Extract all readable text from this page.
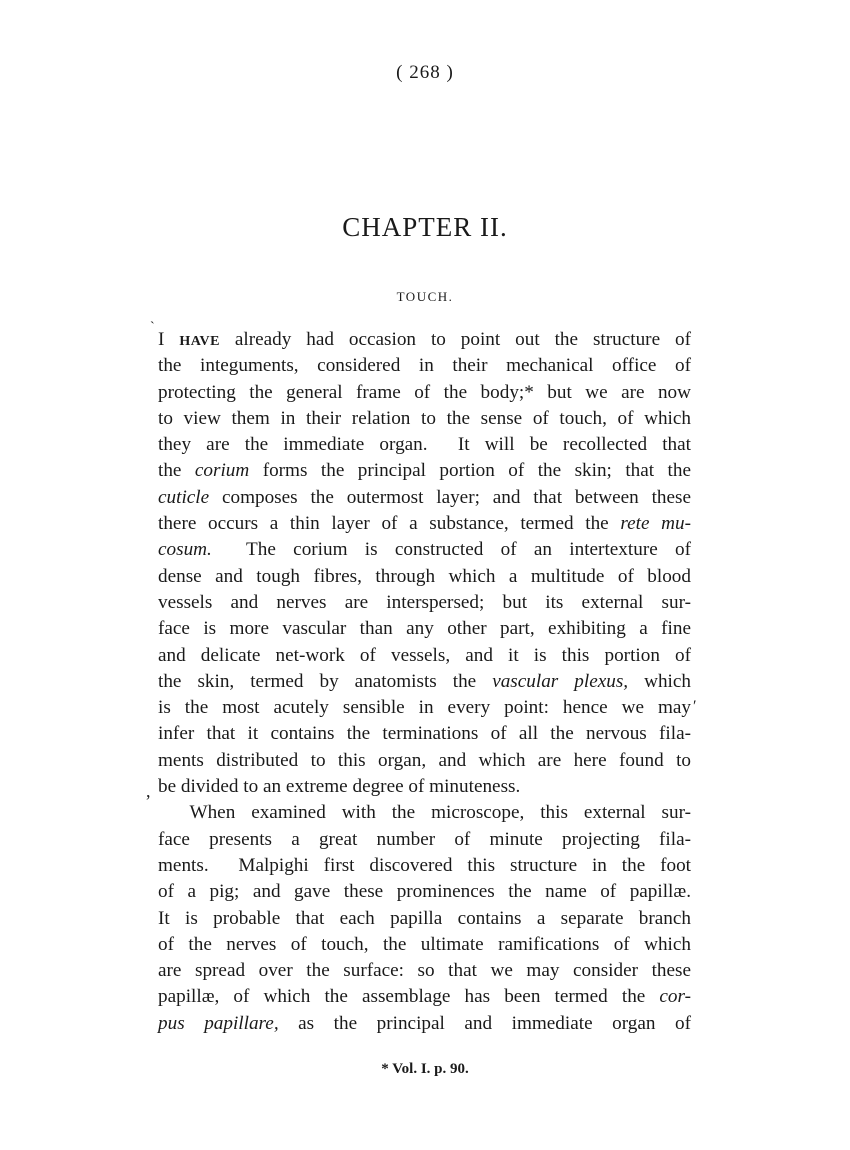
( 268 )
CHAPTER II.
TOUCH.
`
′
,
I HAVE already had occasion to point out the structure of
the integuments, considered in their mechanical office of
protecting the general frame of the body;* but we are now
to view them in their relation to the sense of touch, of which
they are the immediate organ.  It will be recollected that
the corium forms the principal portion of the skin; that the
cuticle composes the outermost layer; and that between these
there occurs a thin layer of a substance, termed the rete mu-
cosum.  The corium is constructed of an intertexture of
dense and tough fibres, through which a multitude of blood
vessels and nerves are interspersed; but its external sur-
face is more vascular than any other part, exhibiting a fine
and delicate net-work of vessels, and it is this portion of
the skin, termed by anatomists the vascular plexus, which
is the most acutely sensible in every point: hence we may
infer that it contains the terminations of all the nervous fila-
ments distributed to this organ, and which are here found to
be divided to an extreme degree of minuteness.
When examined with the microscope, this external sur-
face presents a great number of minute projecting fila-
ments.  Malpighi first discovered this structure in the foot
of a pig; and gave these prominences the name of papillæ.
It is probable that each papilla contains a separate branch
of the nerves of touch, the ultimate ramifications of which
are spread over the surface: so that we may consider these
papillæ, of which the assemblage has been termed the cor-
pus papillare, as the principal and immediate organ of
* Vol. I. p. 90.
